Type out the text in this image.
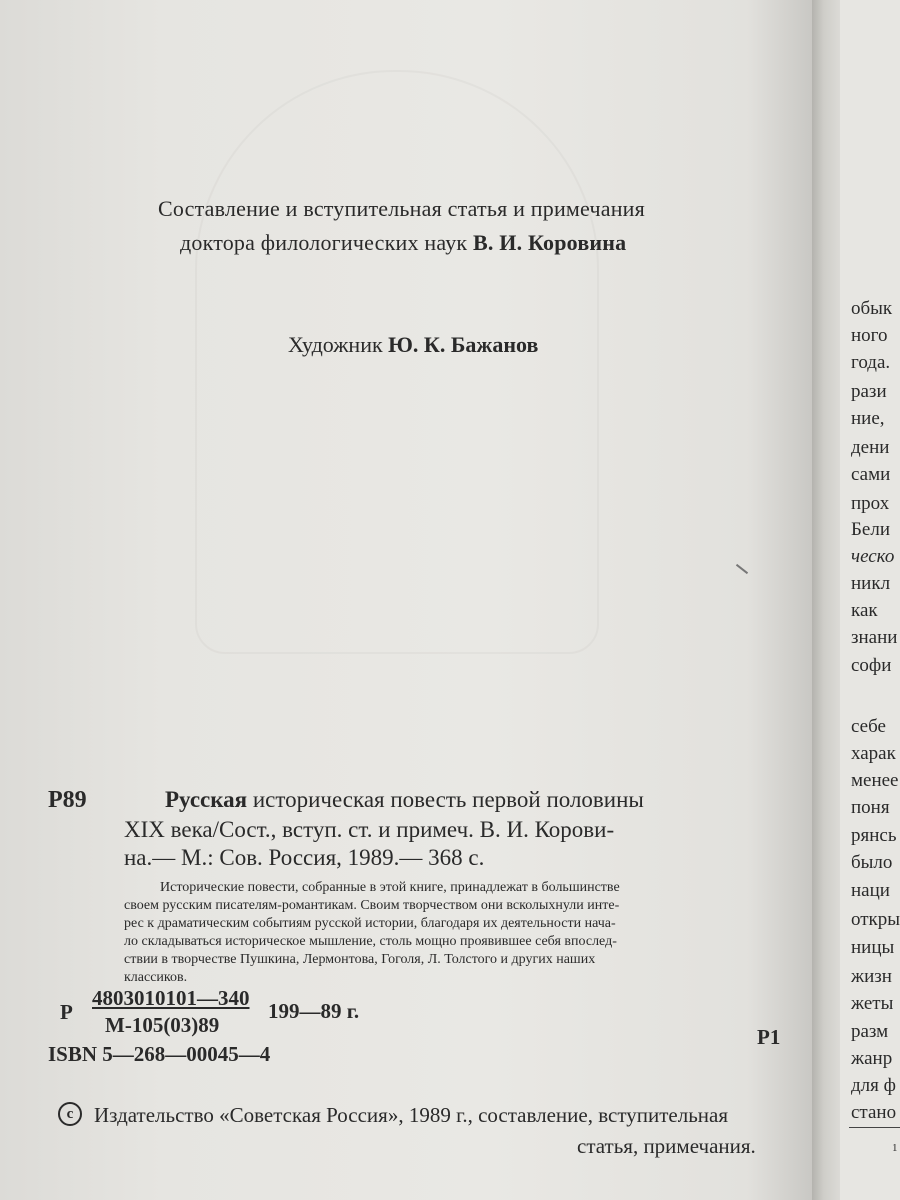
Составление и вступительная статья и примечания
доктора филологических наук В. И. Коровина
Художник Ю. К. Бажанов
Р89	Русская историческая повесть первой половины
XIX века/Сост., вступ. ст. и примеч. В. И. Корови-
на.— М.: Сов. Россия, 1989.— 368 с.
Исторические повести, собранные в этой книге, принадлежат в большинстве
своем русским писателям-романтикам. Своим творчеством они всколыхнули инте-
рес к драматическим событиям русской истории, благодаря их деятельности нача-
ло складываться историческое мышление, столь мощно проявившее себя впослед-
ствии в творчестве Пушкина, Лермонтова, Гоголя, Л. Толстого и других наших
классиков.
Р
4803010101—340
М-105(03)89
199—89 г.
Р1
ISBN 5—268—00045—4
c Издательство «Советская Россия», 1989 г., составление, вступительная
статья, примечания.
обык
ного
года.
рази
ние,
дени
сами
прох
Бели
ческо
никл
как
знани
софи
себе
харак
менее
поня
рянсь
было
наци
откры
ницы
жизн
жеты
разм
жанр
для ф
стано
1
